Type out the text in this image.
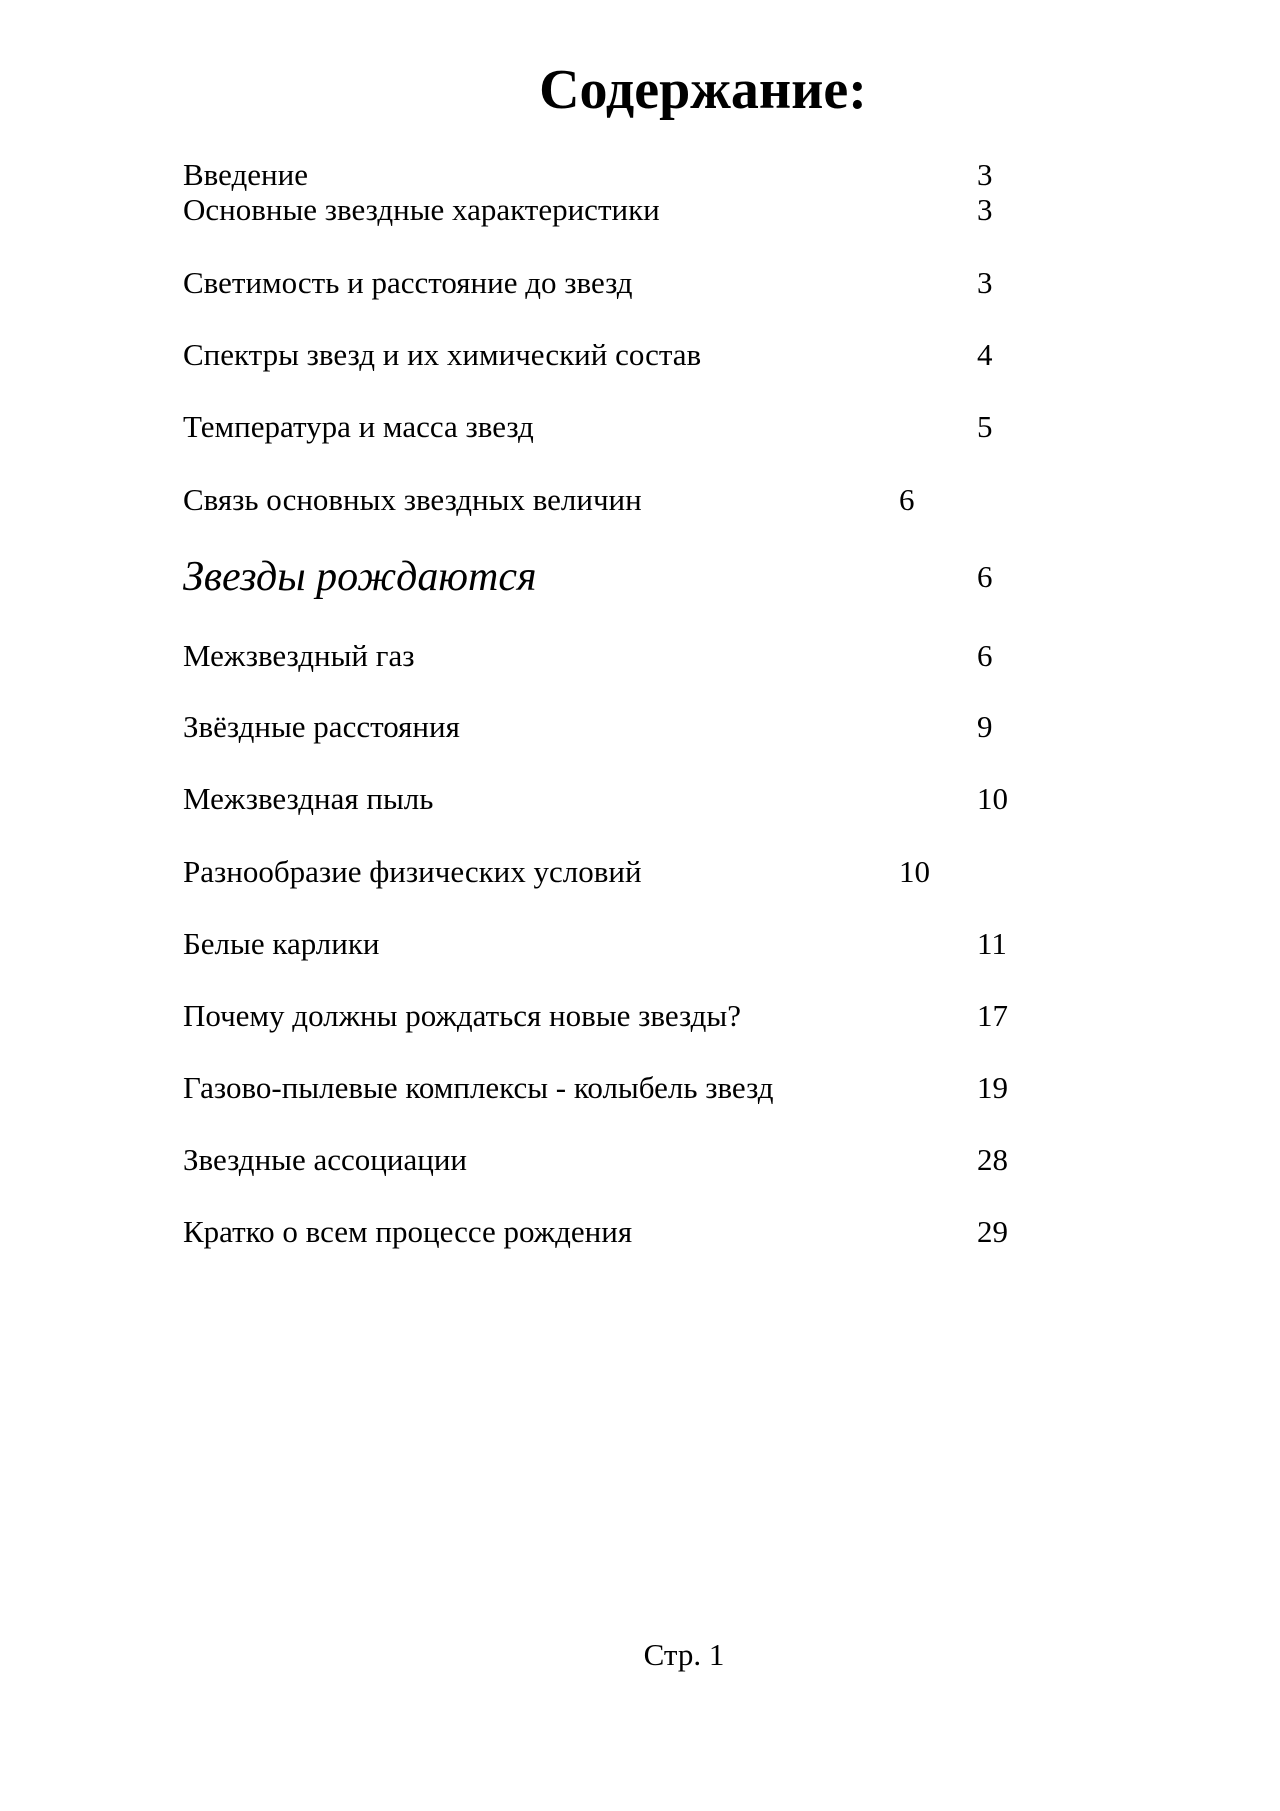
Содержание:
Введение	3
Основные звездные характеристики	3
Светимость и расстояние до звезд	3
Спектры звезд и их химический состав	4
Температура и масса звезд	5
Связь основных звездных величин	6
Звезды рождаются	6
Межзвездный газ	6
Звёздные расстояния	9
Межзвездная пыль	10
Разнообразие физических условий	10
Белые карлики	11
Почему должны рождаться новые звезды?	17
Газово-пылевые комплексы - колыбель звезд	19
Звездные ассоциации	28
Кратко о всем процессе рождения	29
Стр. 1
